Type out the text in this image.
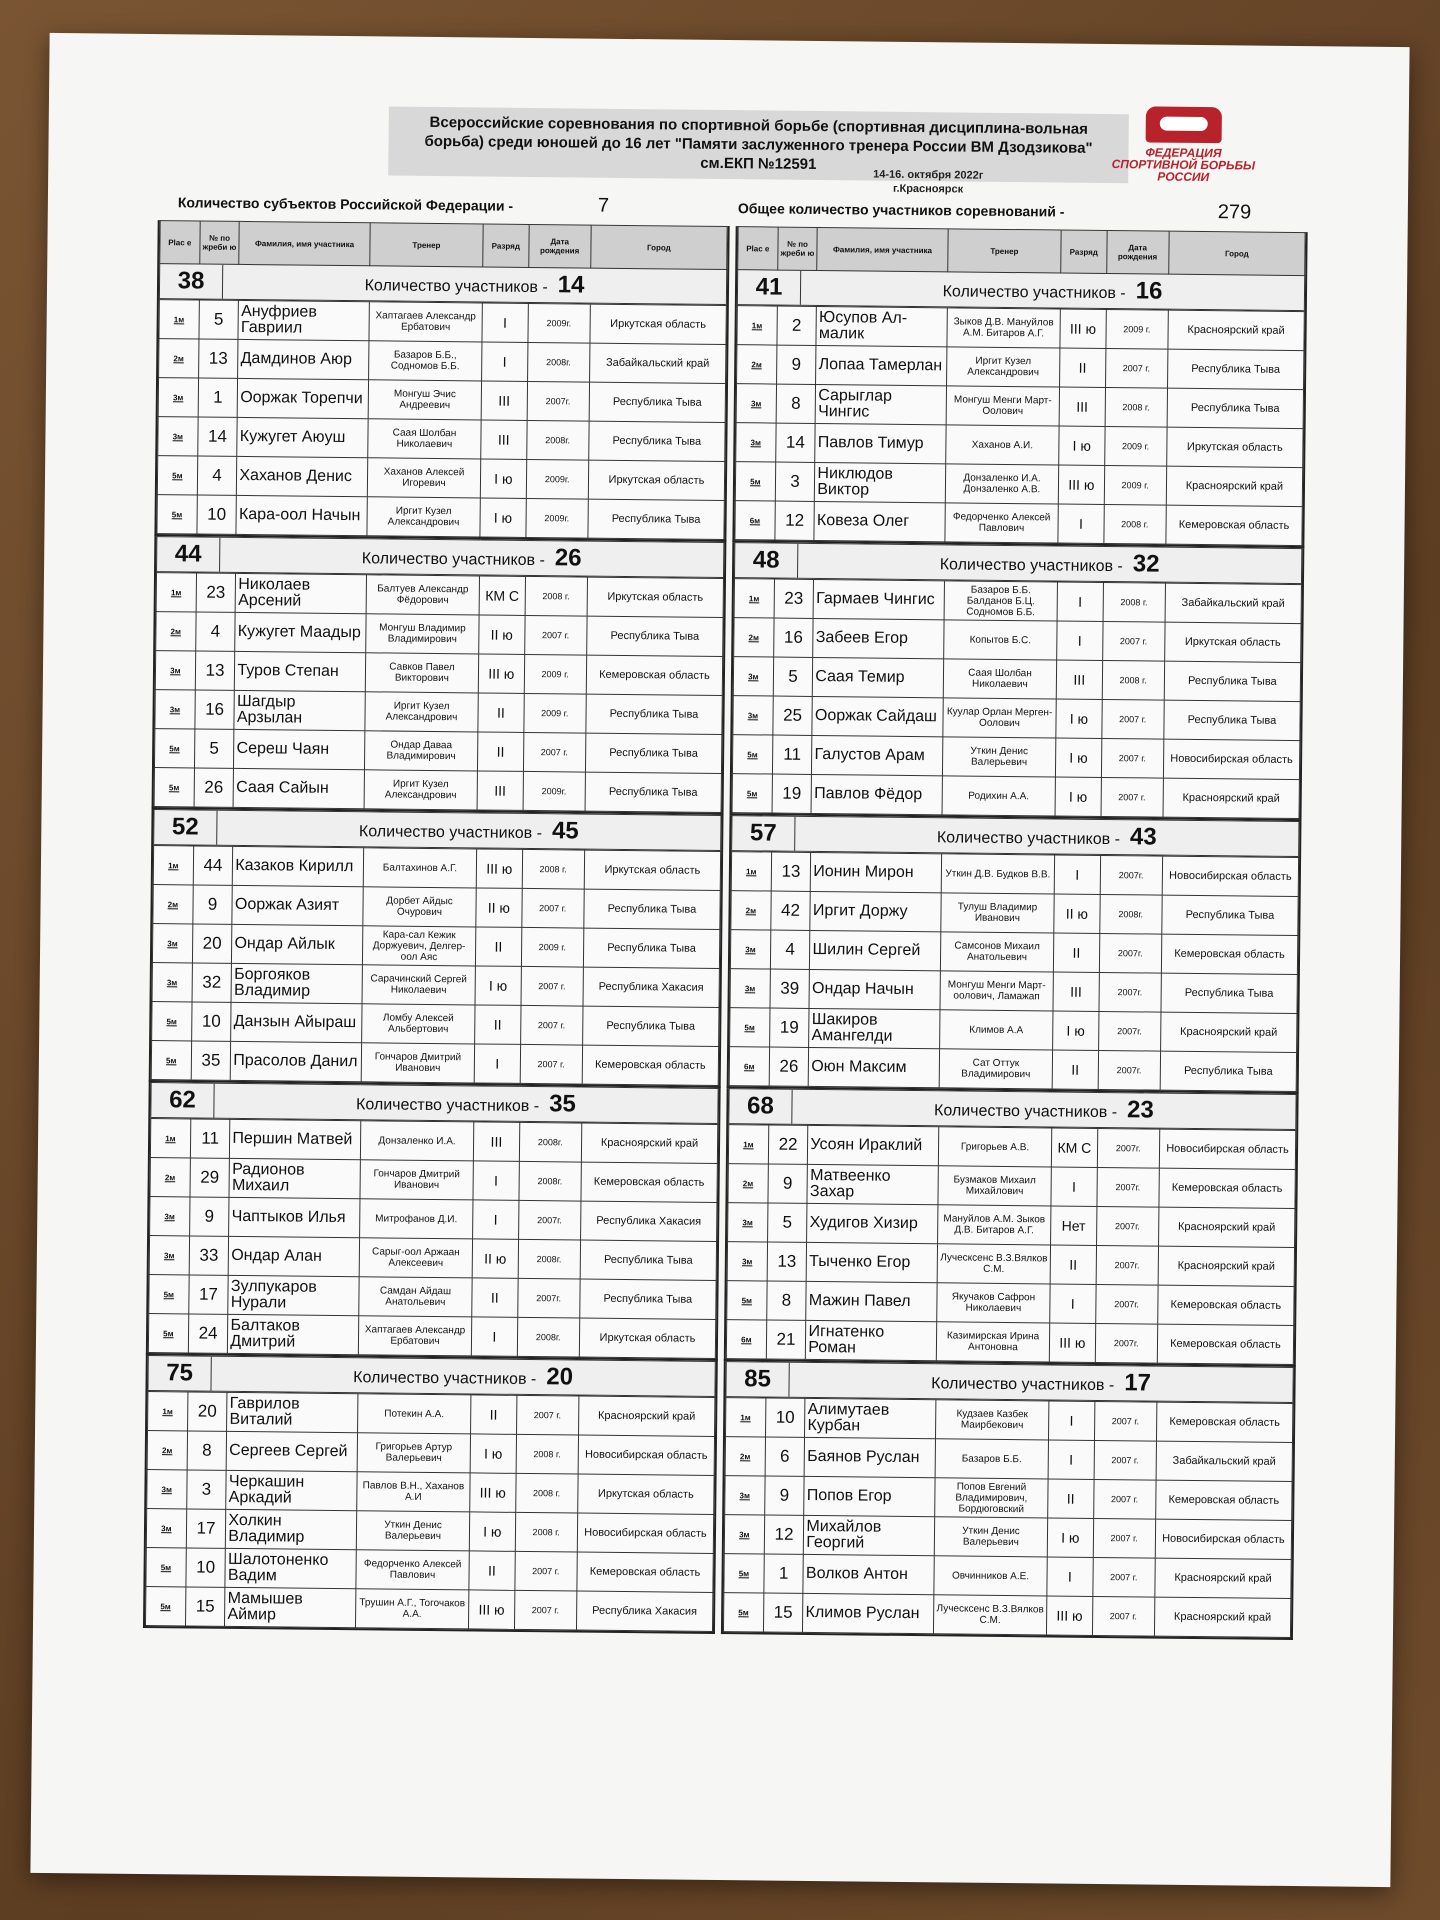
Всероссийские соревнования по спортивной борьбе (спортивная дисциплина-вольная борьба) среди юношей до 16 лет "Памяти заслуженного тренера России ВМ Дзодзикова" см.ЕКП №12591
14-16. октября 2022г
г.Красноярск
ФЕДЕРАЦИЯ СПОРТИВНОЙ БОРЬБЫ РОССИИ
Количество субъектов Российской Федерации -	7	Общее количество участников соревнований -	279
Plac e	№ по жреби ю	Фамилия, имя участника	Тренер	Разряд	Дата рождения	Город

38 Количество участников - 14						

1м	5	Ануфриев Гавриил	Хаптагаев Александр Ербатович	I	2009г.	Иркутская область
2м	13	Дамдинов Аюр	Базаров Б.Б., Содномов Б.Б.	I	2008г.	Забайкальский край
3м	1	Ооржак Торепчи	Монгуш Эчис Андреевич	III	2007г.	Республика Тыва
3м	14	Кужугет Аюуш	Саая Шолбан Николаевич	III	2008г.	Республика Тыва
5м	4	Хаханов Денис	Хаханов Алексей Игоревич	I ю	2009г.	Иркутская область
5м	10	Кара-оол Начын	Иргит Кузел Александрович	I ю	2009г.	Республика Тыва
Plac e	№ по жреби ю	Фамилия, имя участника	Тренер	Разряд	Дата рождения	Город

41 Количество участников - 16						

1м	2	Юсупов Ал-малик	Зыков Д.В. Мануйлов А.М. Битаров А.Г.	III ю	2009 г.	Красноярский край
2м	9	Лопаа Тамерлан	Иргит Кузел Александрович	II	2007 г.	Республика Тыва
3м	8	Сарыглар Чингис	Монгуш Менги Март-Оолович	III	2008 г.	Республика Тыва
3м	14	Павлов Тимур	Хаханов А.И.	I ю	2009 г.	Иркутская область
5м	3	Никлюдов Виктор	Донзаленко И.А. Донзаленко А.В.	III ю	2009 г.	Красноярский край
6м	12	Ковеза Олег	Федорченко Алексей Павлович	I	2008 г.	Кемеровская область
44 Количество участников - 26						

1м	23	Николаев Арсений	Балтуев Александр Фёдорович	КМ С	2008 г.	Иркутская область
2м	4	Кужугет Маадыр	Монгуш Владимир Владимирович	II ю	2007 г.	Республика Тыва
3м	13	Туров Степан	Савков Павел Викторович	III ю	2009 г.	Кемеровская область
3м	16	Шагдыр Арзылан	Иргит Кузел Александрович	II	2009 г.	Республика Тыва
5м	5	Сереш Чаян	Ондар Даваа Владимирович	II	2007 г.	Республика Тыва
5м	26	Саая Сайын	Иргит Кузел Александрович	III	2009г.	Республика Тыва
48 Количество участников - 32						

1м	23	Гармаев Чингис	Базаров Б.Б. Балданов Б.Ц. Содномов Б.Б.	I	2008 г.	Забайкальский край
2м	16	Забеев Егор	Копытов Б.С.	I	2007 г.	Иркутская область
3м	5	Саая Темир	Саая Шолбан Николаевич	III	2008 г.	Республика Тыва
3м	25	Ооржак Сайдаш	Куулар Орлан Мерген-Оолович	I ю	2007 г.	Республика Тыва
5м	11	Галустов Арам	Уткин Денис Валерьевич	I ю	2007 г.	Новосибирская область
5м	19	Павлов Фёдор	Родихин А.А.	I ю	2007 г.	Красноярский край
52 Количество участников - 45						

1м	44	Казаков Кирилл	Балтахинов А.Г.	III ю	2008 г.	Иркутская область
2м	9	Ооржак Азият	Дорбет Айдыс Очурович	II ю	2007 г.	Республика Тыва
3м	20	Ондар Айлык	Кара-сал Кежик Доржуевич, Делгер-оол Аяс	II	2009 г.	Республика Тыва
3м	32	Боргояков Владимир	Сарачинский Сергей Николаевич	I ю	2007 г.	Республика Хакасия
5м	10	Данзын Айыраш	Ломбу Алексей Альбертович	II	2007 г.	Республика Тыва
5м	35	Прасолов Данил	Гончаров Дмитрий Иванович	I	2007 г.	Кемеровская область
57 Количество участников - 43						

1м	13	Ионин Мирон	Уткин Д.В. Будков В.В.	I	2007г.	Новосибирская область
2м	42	Иргит Доржу	Тулуш Владимир Иванович	II ю	2008г.	Республика Тыва
3м	4	Шилин Сергей	Самсонов Михаил Анатольевич	II	2007г.	Кемеровская область
3м	39	Ондар Начын	Монгуш Менги Март-оолович, Ламажап	III	2007г.	Республика Тыва
5м	19	Шакиров Амангелди	Климов А.А	I ю	2007г.	Красноярский край
6м	26	Оюн Максим	Сат Оттук Владимирович	II	2007г.	Республика Тыва
62 Количество участников - 35						

1м	11	Першин Матвей	Донзаленко И.А.	III	2008г.	Красноярский край
2м	29	Радионов Михаил	Гончаров Дмитрий Иванович	I	2008г.	Кемеровская область
3м	9	Чаптыков Илья	Митрофанов Д.И.	I	2007г.	Республика Хакасия
3м	33	Ондар Алан	Сарыг-оол Аржаан Алексеевич	II ю	2008г.	Республика Тыва
5м	17	Зулпукаров Нурали	Самдан Айдаш Анатольевич	II	2007г.	Республика Тыва
5м	24	Балтаков Дмитрий	Хаптагаев Александр Ербатович	I	2008г.	Иркутская область
68 Количество участников - 23						

1м	22	Усоян Ираклий	Григорьев А.В.	КМ С	2007г.	Новосибирская область
2м	9	Матвеенко Захар	Бузмаков Михаил Михайлович	I	2007г.	Кемеровская область
3м	5	Худигов Хизир	Мануйлов А.М. Зыков Д.В. Битаров А.Г.	Нет	2007г.	Красноярский край
3м	13	Тыченко Егор	Луческсенс В.З.Вялков С.М.	II	2007г.	Красноярский край
5м	8	Мажин Павел	Якучаков Сафрон Николаевич	I	2007г.	Кемеровская область
6м	21	Игнатенко Роман	Казимирская Ирина Антоновна	III ю	2007г.	Кемеровская область
75 Количество участников - 20						

1м	20	Гаврилов Виталий	Потекин А.А.	II	2007 г.	Красноярский край
2м	8	Сергеев Сергей	Григорьев Артур Валерьевич	I ю	2008 г.	Новосибирская область
3м	3	Черкашин Аркадий	Павлов В.Н., Хаханов А.И	III ю	2008 г.	Иркутская область
3м	17	Холкин Владимир	Уткин Денис Валерьевич	I ю	2008 г.	Новосибирская область
5м	10	Шалотоненко Вадим	Федорченко Алексей Павлович	II	2007 г.	Кемеровская область
5м	15	Мамышев Аймир	Трушин А.Г., Тогочаков А.А.	III ю	2007 г.	Республика Хакасия
85 Количество участников - 17						

1м	10	Алимутаев Курбан	Кудзаев Казбек Маирбекович	I	2007 г.	Кемеровская область
2м	6	Баянов Руслан	Базаров Б.Б.	I	2007 г.	Забайкальский край
3м	9	Попов Егор	Попов Евгений Владимирович, Бордюговский	II	2007 г.	Кемеровская область
3м	12	Михайлов Георгий	Уткин Денис Валерьевич	I ю	2007 г.	Новосибирская область
5м	1	Волков Антон	Овчинников А.Е.	I	2007 г.	Красноярский край
5м	15	Климов Руслан	Луческсенс В.З.Вялков С.М.	III ю	2007 г.	Красноярский край
